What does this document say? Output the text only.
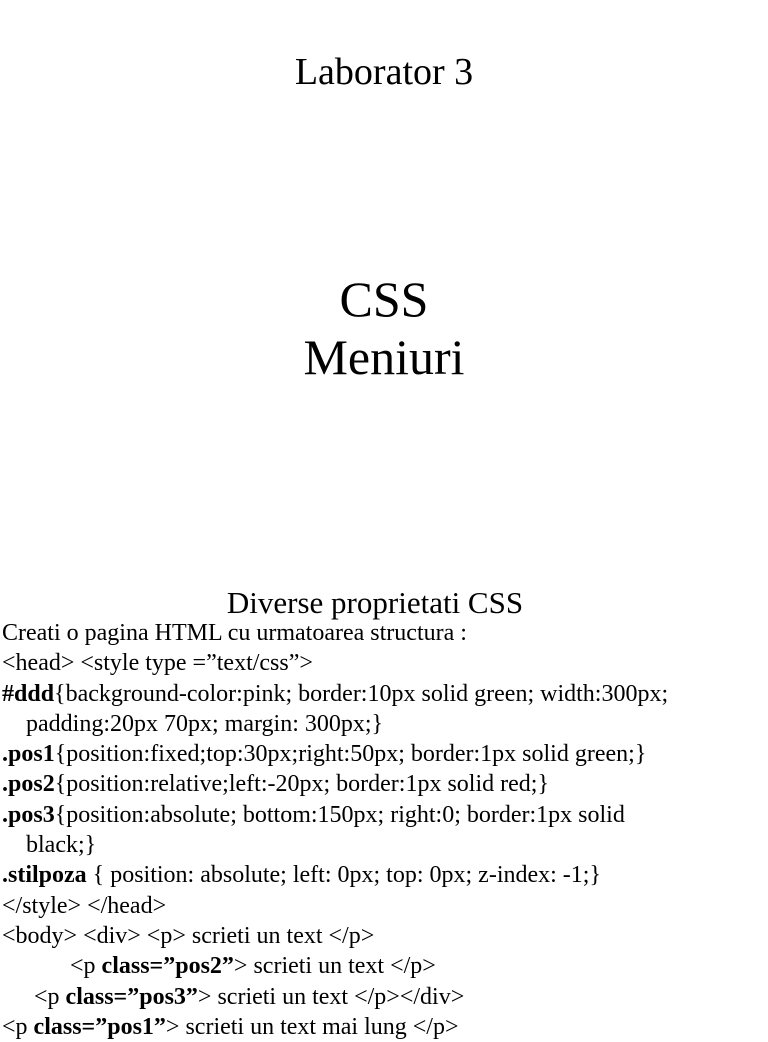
Laborator 3
CSS
Meniuri
Diverse proprietati CSS
Creati o pagina HTML cu urmatoarea structura :
<head> <style type =”text/css”>
#ddd{background-color:pink; border:10px solid green; width:300px;
padding:20px 70px; margin: 300px;}
.pos1{position:fixed;top:30px;right:50px; border:1px solid green;}
.pos2{position:relative;left:-20px; border:1px solid red;}
.pos3{position:absolute; bottom:150px; right:0; border:1px solid
black;}
.stilpoza { position: absolute; left: 0px; top: 0px; z-index: -1;}
</style> </head>
<body> <div> <p> scrieti un text </p>
<p class=”pos2”> scrieti un text </p>
<p class=”pos3”> scrieti un text </p></div>
<p class=”pos1”> scrieti un text mai lung </p>
